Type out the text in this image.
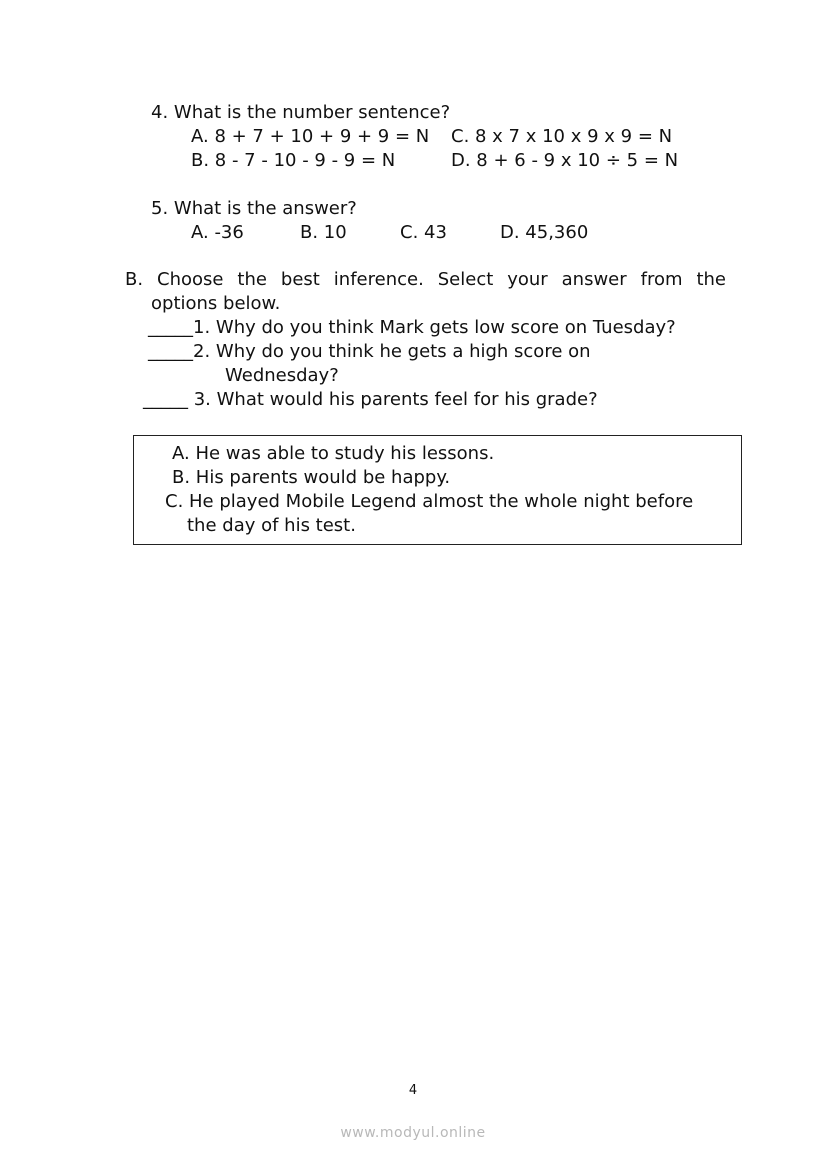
4. What is the number sentence?
A. 8 + 7 + 10 + 9 + 9 = N C. 8 x 7 x 10 x 9 x 9 = N
B. 8 - 7 - 10 - 9 - 9 = N	D. 8 + 6 - 9 x 10 ÷ 5 = N
5. What is the answer?
A. -36	B. 10	C. 43	D. 45,360
B. Choose the best inference. Select your answer from the
options below.
_____1. Why do you think Mark gets low score on Tuesday?
_____2. Why do you think he gets a high score on
Wednesday?
_____ 3. What would his parents feel for his grade?
A. He was able to study his lessons.
B. His parents would be happy.
C. He played Mobile Legend almost the whole night before
the day of his test.
4
www.modyul.online
